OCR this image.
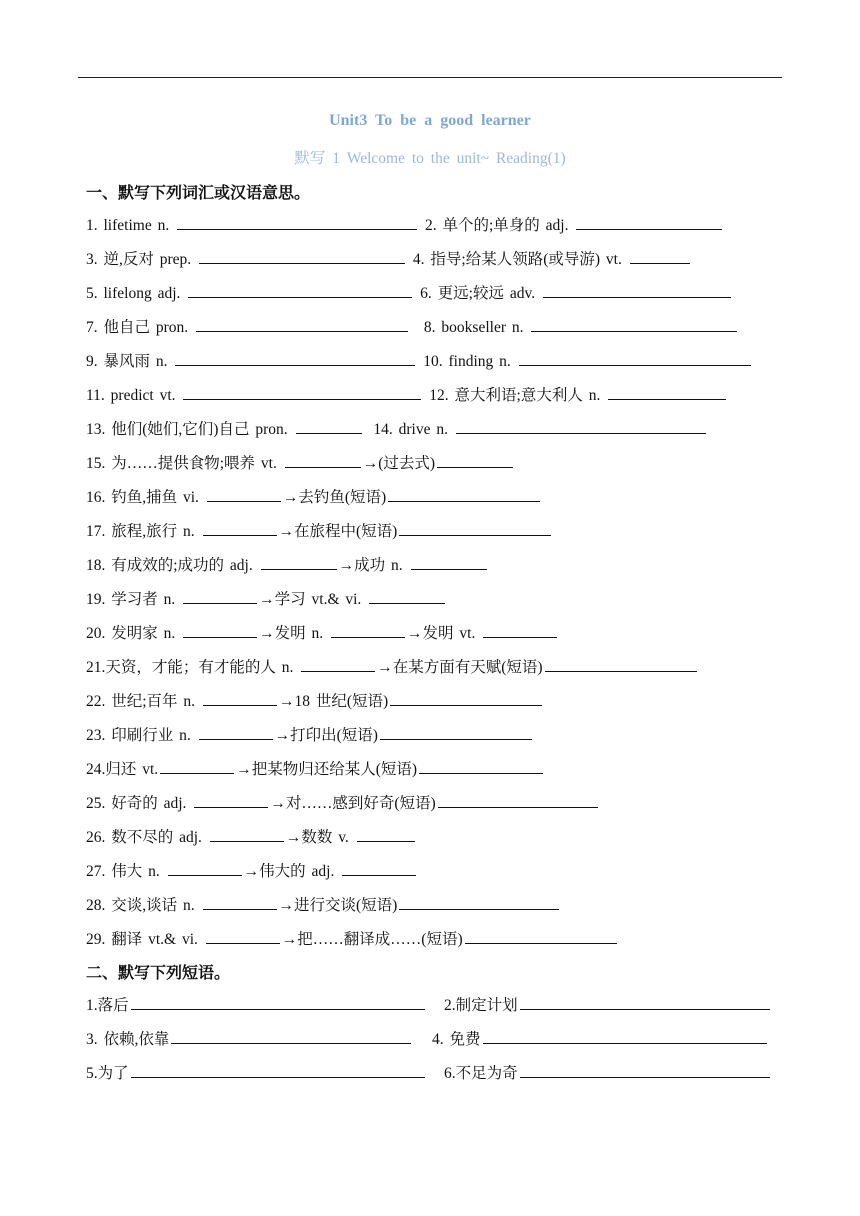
Unit3 To be a good learner
默写 1 Welcome to the unit~ Reading(1)
一、默写下列词汇或汉语意思。
1. lifetime n.	2. 单个的;单身的 adj.
3. 逆,反对 prep.	4. 指导;给某人领路(或导游) vt.
5. lifelong adj.	6. 更远;较远 adv.
7. 他自己 pron.	8. bookseller n.
9. 暴风雨 n.	10. finding n.
11. predict vt.	12. 意大利语;意大利人 n.
13. 他们(她们,它们)自己 pron.	14. drive n.
15. 为……提供食物;喂养 vt.	→(过去式)
16. 钓鱼,捕鱼 vi.	→去钓鱼(短语)
17. 旅程,旅行 n.	→在旅程中(短语)
18. 有成效的;成功的 adj.	→成功 n.
19. 学习者 n.	→学习 vt.& vi.
20. 发明家 n.	→发明 n.	→发明 vt.
21.天资，才能；有才能的人 n.	→在某方面有天赋(短语)
22. 世纪;百年 n.	→18 世纪(短语)
23. 印刷行业 n.	→打印出(短语)
24.归还 vt.	→把某物归还给某人(短语)
25. 好奇的 adj.	→对……感到好奇(短语)
26. 数不尽的 adj.	→数数 v.
27. 伟大 n.	→伟大的 adj.
28. 交谈,谈话 n.	→进行交谈(短语)
29. 翻译 vt.& vi.	→把……翻译成……(短语)
二、默写下列短语。
1.落后	2.制定计划
3. 依赖,依靠	4. 免费
5.为了	6.不足为奇
